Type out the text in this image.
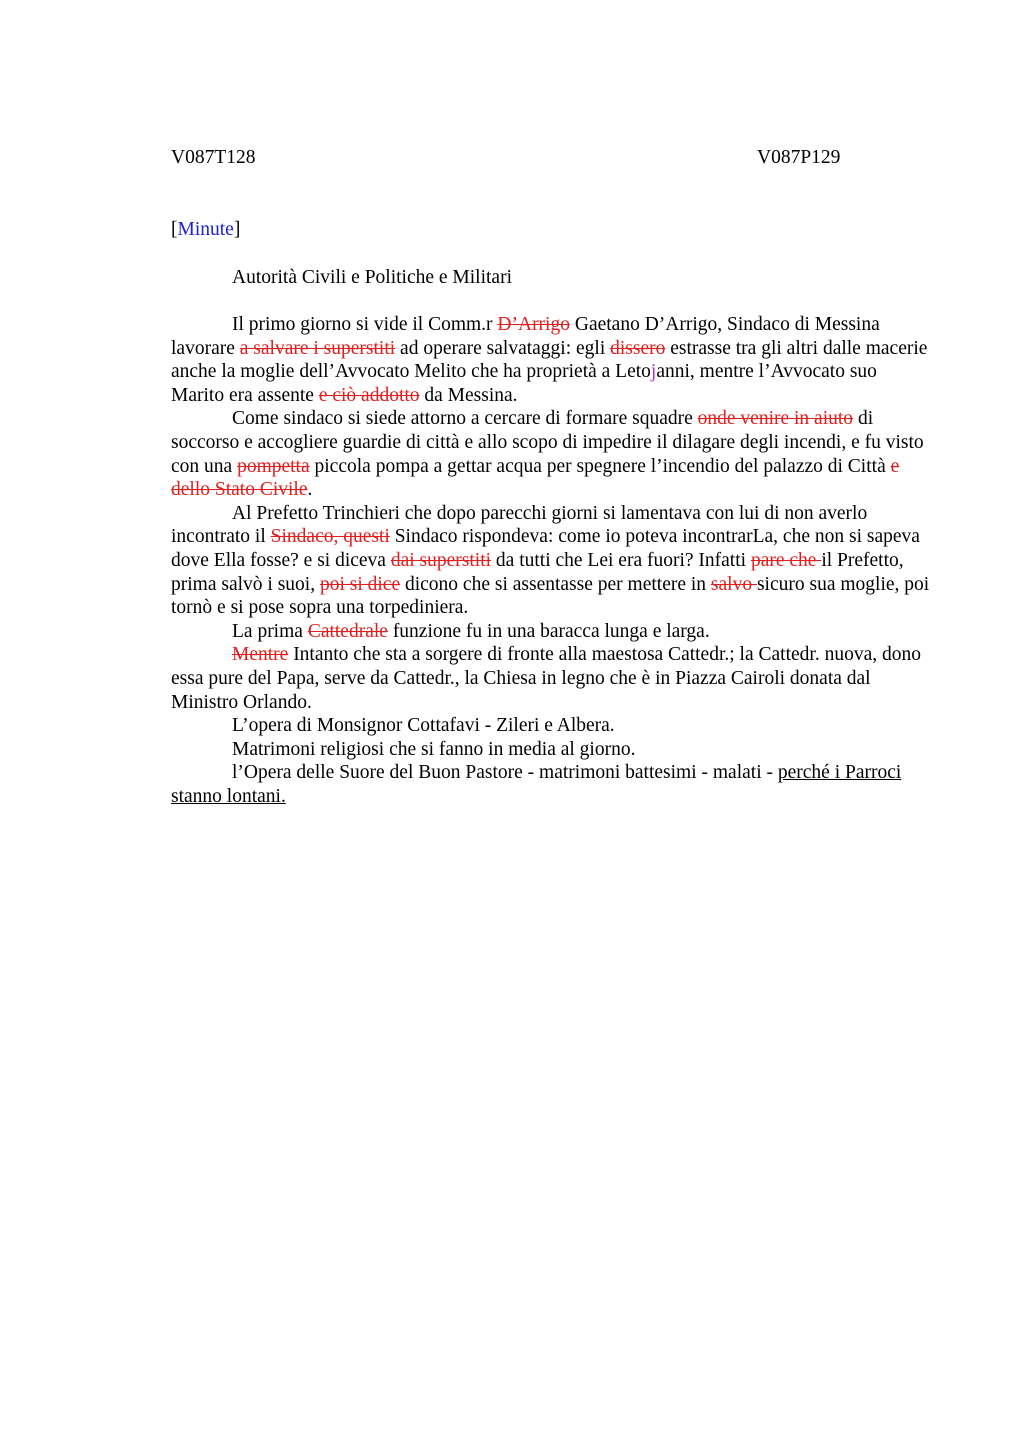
V087T128	V087P129
[Minute]
Autorità Civili e Politiche e Militari

Il primo giorno si vide il Comm.r D’Arrigo Gaetano D’Arrigo, Sindaco di Messina lavorare a salvare i superstiti ad operare salvataggi: egli dissero estrasse tra gli altri dalle macerie anche la moglie dell’Avvocato Melito che ha proprietà a Letojanni, mentre l’Avvocato suo Marito era assente e ciò addotto da Messina.

Come sindaco si siede attorno a cercare di formare squadre onde venire in aiuto di soccorso e accogliere guardie di città e allo scopo di impedire il dilagare degli incendi, e fu visto con una pompetta piccola pompa a gettar acqua per spegnere l’incendio del palazzo di Città e dello Stato Civile.

Al Prefetto Trinchieri che dopo parecchi giorni si lamentava con lui di non averlo incontrato il Sindaco, questi Sindaco rispondeva: come io poteva incontrarLa, che non si sapeva dove Ella fosse? e si diceva dai superstiti da tutti che Lei era fuori? Infatti pare che il Prefetto, prima salvò i suoi, poi si dice dicono che si assentasse per mettere in salvo sicuro sua moglie, poi tornò e si pose sopra una torpediniera.

La prima Cattedrale funzione fu in una baracca lunga e larga.

Mentre Intanto che sta a sorgere di fronte alla maestosa Cattedr.; la Cattedr. nuova, dono essa pure del Papa, serve da Cattedr., la Chiesa in legno che è in Piazza Cairoli donata dal Ministro Orlando.

L’opera di Monsignor Cottafavi - Zileri e Albera.

Matrimoni religiosi che si fanno in media al giorno.

l’Opera delle Suore del Buon Pastore - matrimoni battesimi - malati - perché i Parroci stanno lontani.
